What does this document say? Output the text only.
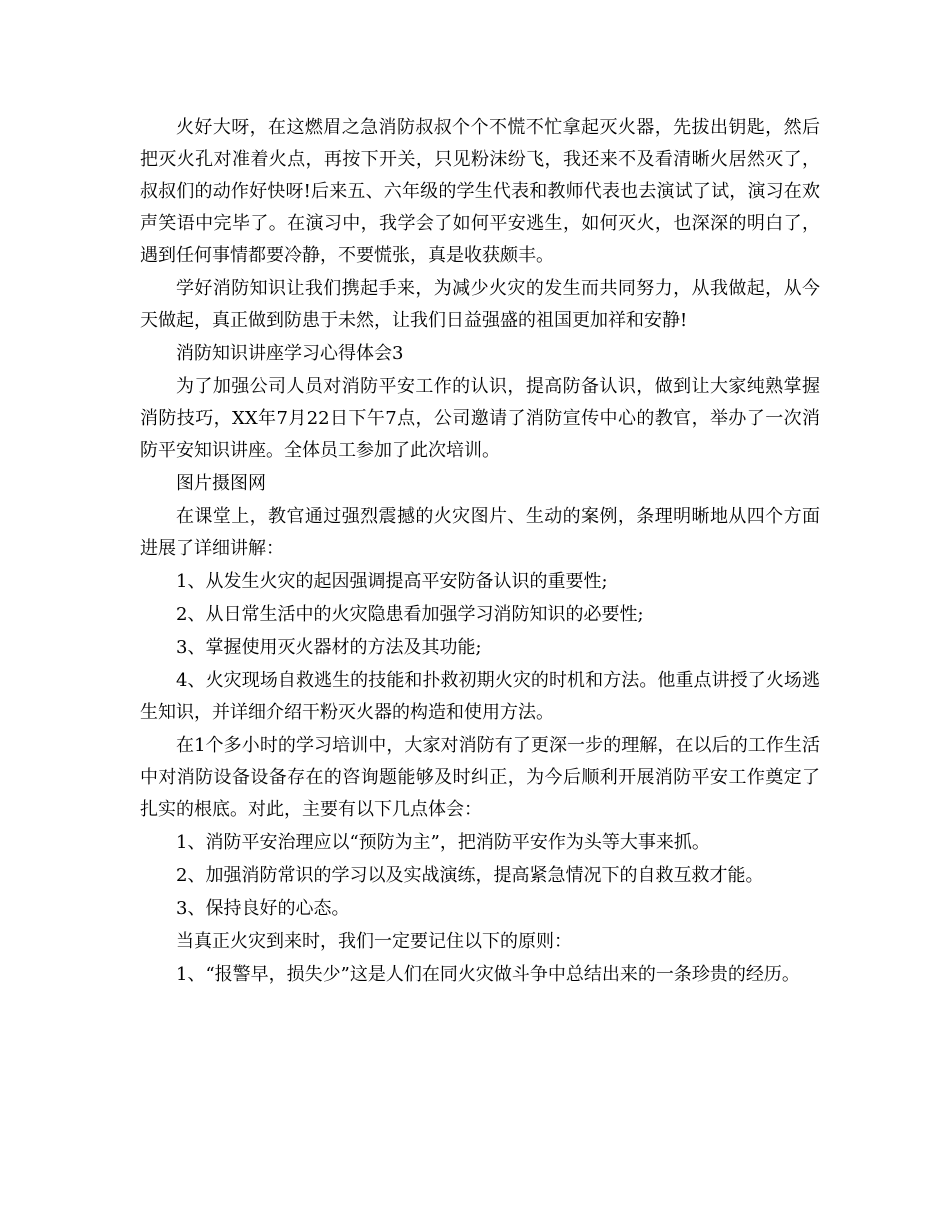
火好大呀，在这燃眉之急消防叔叔个个不慌不忙拿起灭火器，先拔出钥匙，然后把灭火孔对准着火点，再按下开关，只见粉沫纷飞，我还来不及看清晰火居然灭了，叔叔们的动作好快呀!后来五、六年级的学生代表和教师代表也去演试了试，演习在欢声笑语中完毕了。在演习中，我学会了如何平安逃生，如何灭火，也深深的明白了，遇到任何事情都要冷静，不要慌张，真是收获颇丰。

学好消防知识让我们携起手来，为减少火灾的发生而共同努力，从我做起，从今天做起，真正做到防患于未然，让我们日益强盛的祖国更加祥和安静!

消防知识讲座学习心得体会3

为了加强公司人员对消防平安工作的认识，提高防备认识，做到让大家纯熟掌握消防技巧，XX年7月22日下午7点，公司邀请了消防宣传中心的教官，举办了一次消防平安知识讲座。全体员工参加了此次培训。

图片摄图网

在课堂上，教官通过强烈震撼的火灾图片、生动的案例，条理明晰地从四个方面进展了详细讲解：

1、从发生火灾的起因强调提高平安防备认识的重要性;

2、从日常生活中的火灾隐患看加强学习消防知识的必要性;

3、掌握使用灭火器材的方法及其功能;

4、火灾现场自救逃生的技能和扑救初期火灾的时机和方法。他重点讲授了火场逃生知识，并详细介绍干粉灭火器的构造和使用方法。

在1个多小时的学习培训中，大家对消防有了更深一步的理解，在以后的工作生活中对消防设备设备存在的咨询题能够及时纠正，为今后顺利开展消防平安工作奠定了扎实的根底。对此，主要有以下几点体会：

1、消防平安治理应以“预防为主”，把消防平安作为头等大事来抓。

2、加强消防常识的学习以及实战演练，提高紧急情况下的自救互救才能。

3、保持良好的心态。

当真正火灾到来时，我们一定要记住以下的原则：

1、“报警早，损失少”这是人们在同火灾做斗争中总结出来的一条珍贵的经历。
